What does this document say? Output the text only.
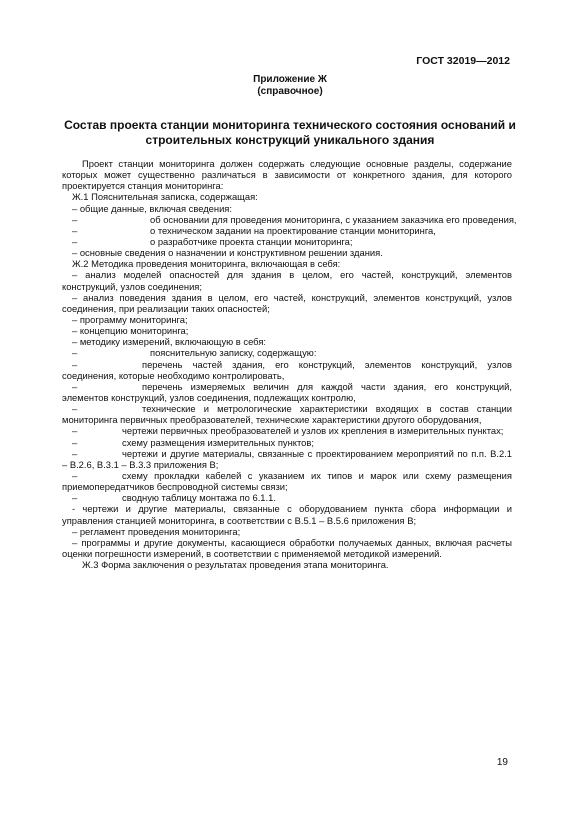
ГОСТ 32019—2012
Приложение Ж
(справочное)
Состав проекта станции мониторинга технического состояния оснований и
строительных конструкций уникального здания
Проект станции мониторинга должен содержать следующие основные разделы, содержание
которых может существенно различаться в зависимости от конкретного здания, для которого
проектируется станция мониторинга:
Ж.1 Пояснительная записка, содержащая:
– общие данные, включая сведения:
–	об основании для проведения мониторинга, с указанием заказчика его проведения,
–	о техническом задании на проектирование станции мониторинга,
–	о разработчике проекта станции мониторинга;
– основные сведения о назначении и конструктивном решении здания.
Ж.2 Методика проведения мониторинга, включающая в себя:
– анализ моделей опасностей для здания в целом, его частей, конструкций, элементов
конструкций, узлов соединения;
– анализ поведения здания в целом, его частей, конструкций, элементов конструкций, узлов
соединения, при реализации таких опасностей;
– программу мониторинга;
– концепцию мониторинга;
– методику измерений, включающую в себя:
–	пояснительную записку, содержащую:
–	перечень частей здания, его конструкций, элементов конструкций, узлов
соединения, которые необходимо контролировать,
–	перечень измеряемых величин для каждой части здания, его конструкций,
элементов конструкций, узлов соединения, подлежащих контролю,
–	технические и метрологические характеристики входящих в состав станции
мониторинга первичных преобразователей, технические характеристики другого оборудования,
–	чертежи первичных преобразователей и узлов их крепления в измерительных пунктах;
–	схему размещения измерительных пунктов;
–	чертежи и другие материалы, связанные с проектированием мероприятий по п.п. В.2.1
– В.2.6, В.3.1 – В.3.3 приложения В;
–	схему прокладки кабелей с указанием их типов и марок или схему размещения
приемопередатчиков беспроводной системы связи;
–	сводную таблицу монтажа по 6.1.1.
- чертежи и другие материалы, связанные с оборудованием пункта сбора информации и
управления станцией мониторинга, в соответствии с В.5.1 – В.5.6 приложения В;
– регламент проведения мониторинга;
– программы и другие документы, касающиеся обработки получаемых данных, включая расчеты
оценки погрешности измерений, в соответствии с применяемой методикой измерений.
Ж.3 Форма заключения о результатах проведения этапа мониторинга.
19
